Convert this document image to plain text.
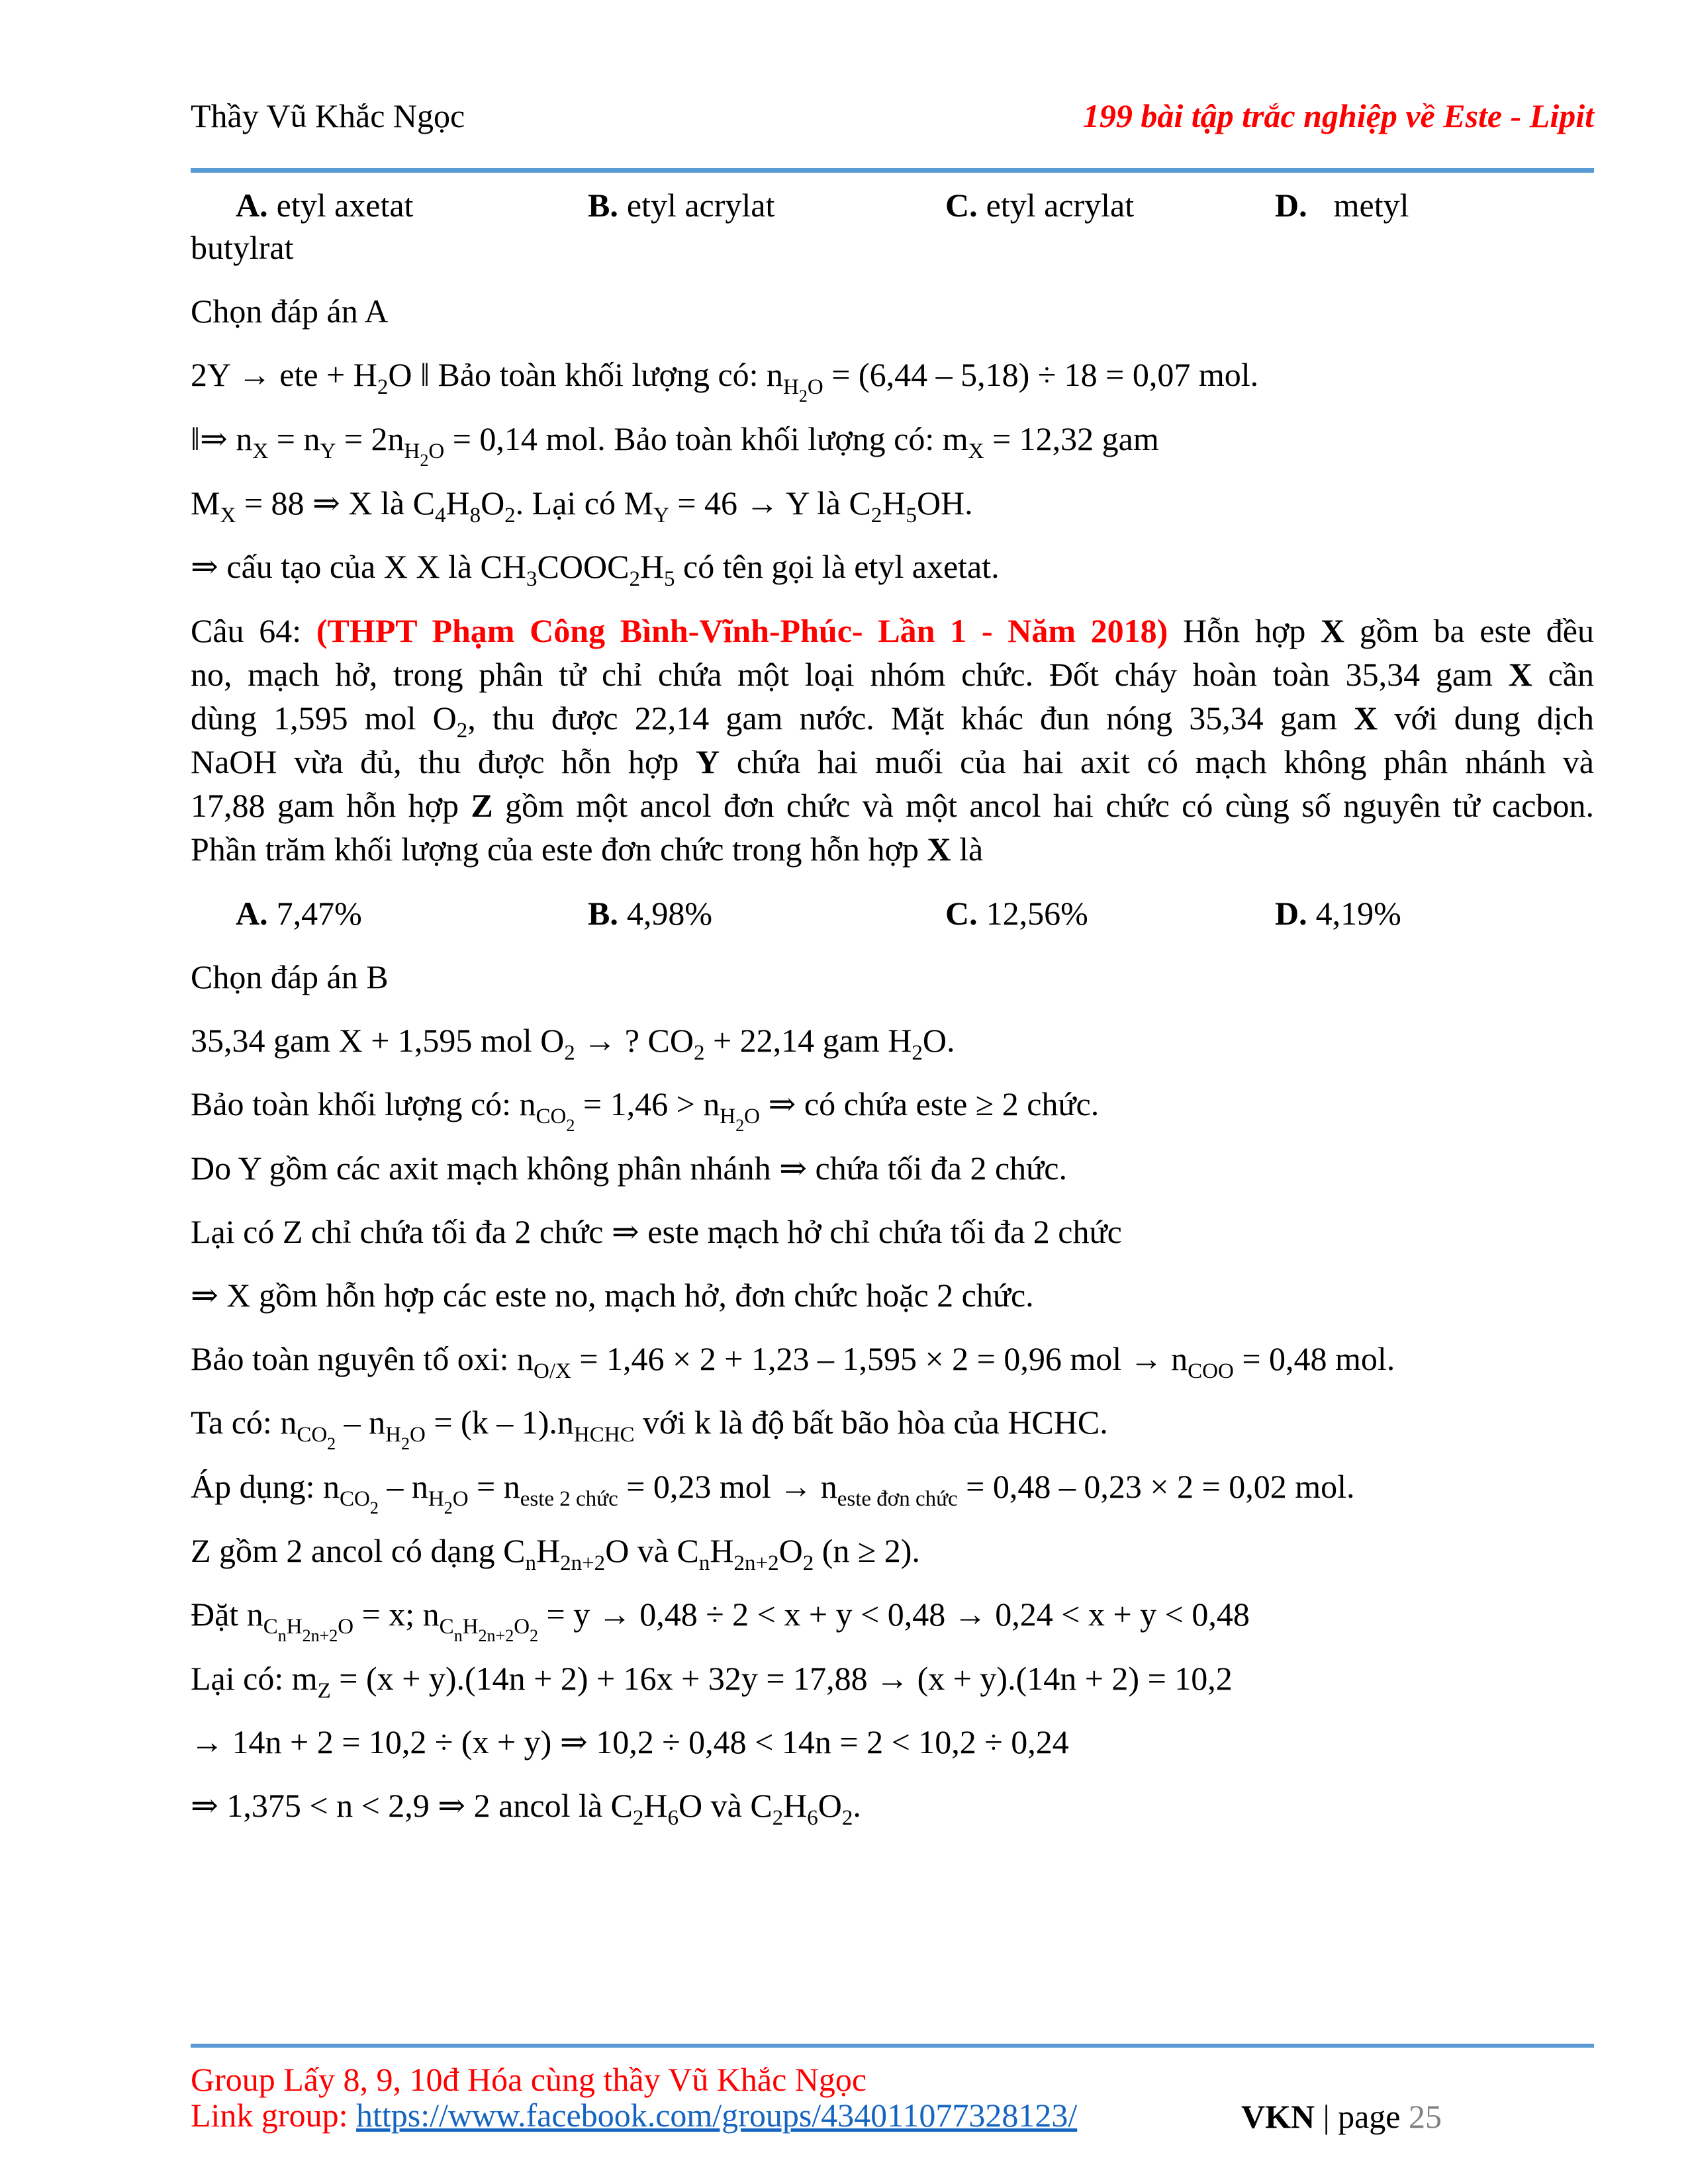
Thầy Vũ Khắc Ngọc	199 bài tập trắc nghiệp về Este - Lipit
A. etyl axetat	B. etyl acrylat	C. etyl acrylat	D. metyl
butylrat
Chọn đáp án A
2Y → ete + $H_2O$ ‖ Bảo toàn khối lượng có: $n_{H2O} = (6,44 - 5,18) \div 18 = 0,07$ mol.
‖⇒ $n_X = n_Y = 2n_{H2O} = 0,14$ mol. Bảo toàn khối lượng có: $m_X = 12,32$ gam
$M_X = 88$ ⇒ X là $C_4H_8O_2$. Lại có $M_Y = 46 \to Y$ là $C_2H_5OH$.
⇒ cấu tạo của X X là $CH_3COOC_2H_5$ có tên gọi là etyl axetat.
Câu 64: (THPT Phạm Công Bình-Vĩnh-Phúc- Lần 1 - Năm 2018) Hỗn hợp X gồm ba este đều
no, mạch hở, trong phân tử chỉ chứa một loại nhóm chức. Đốt cháy hoàn toàn 35,34 gam X cần
dùng 1,595 mol $O_2$, thu được 22,14 gam nước. Mặt khác đun nóng 35,34 gam X với dung dịch
NaOH vừa đủ, thu được hỗn hợp Y chứa hai muối của hai axit có mạch không phân nhánh và
17,88 gam hỗn hợp Z gồm một ancol đơn chức và một ancol hai chức có cùng số nguyên tử cacbon.
Phần trăm khối lượng của este đơn chức trong hỗn hợp X là
A. 7,47%	B. 4,98%	C. 12,56%	D. 4,19%
Chọn đáp án B
35,34 gam X + 1,595 mol $O_2$ → ? $CO_2 + 22,14$ gam $H_2O$.
Bảo toàn khối lượng có: $n_{CO2} = 1,46 > n_{H2O}$ ⇒ có chứa este ≥ 2 chức.
Do Y gồm các axit mạch không phân nhánh ⇒ chứa tối đa 2 chức.
Lại có Z chỉ chứa tối đa 2 chức ⇒ este mạch hở chỉ chứa tối đa 2 chức
⇒ X gồm hỗn hợp các este no, mạch hở, đơn chức hoặc 2 chức.
Bảo toàn nguyên tố oxi: $n_{O/X} = 1,46 \times 2 + 1,23 - 1,595 \times 2 = 0,96$ mol → $n_{COO} = 0,48$ mol.
Ta có: $n_{CO2} - n_{H2O} = (k - 1).n_{HCHC}$ với k là độ bất bão hòa của HCHC.
Áp dụng: $n_{CO2} - n_{H2O} = n_{este 2 chức} = 0,23$ mol → $n_{este đơn chức} = 0,48 - 0,23 \times 2 = 0,02$ mol.
Z gồm 2 ancol có dạng $C_nH_{2n+2}O$ và $C_nH_{2n+2}O_2$ (n ≥ 2).
Đặt $n_{CnH2n+2O} = x$; $n_{CnH2n+2O2} = y \to 0,48 \div 2 < x + y < 0,48 \to 0,24 < x + y < 0,48$
Lại có: $m_Z = (x + y).(14n + 2) + 16x + 32y = 17,88 \to (x + y).(14n + 2) = 10,2$
→ 14n + 2 = 10,2 ÷ (x + y) ⇒ 10,2 ÷ 0,48 < 14n = 2 < 10,2 ÷ 0,24
⇒ 1,375 < n < 2,9 ⇒ 2 ancol là $C_2H_6O$ và $C_2H_6O_2$.
Group Lấy 8, 9, 10đ Hóa cùng thầy Vũ Khắc Ngọc
Link group: https://www.facebook.com/groups/434011077328123/	VKN | page 25
